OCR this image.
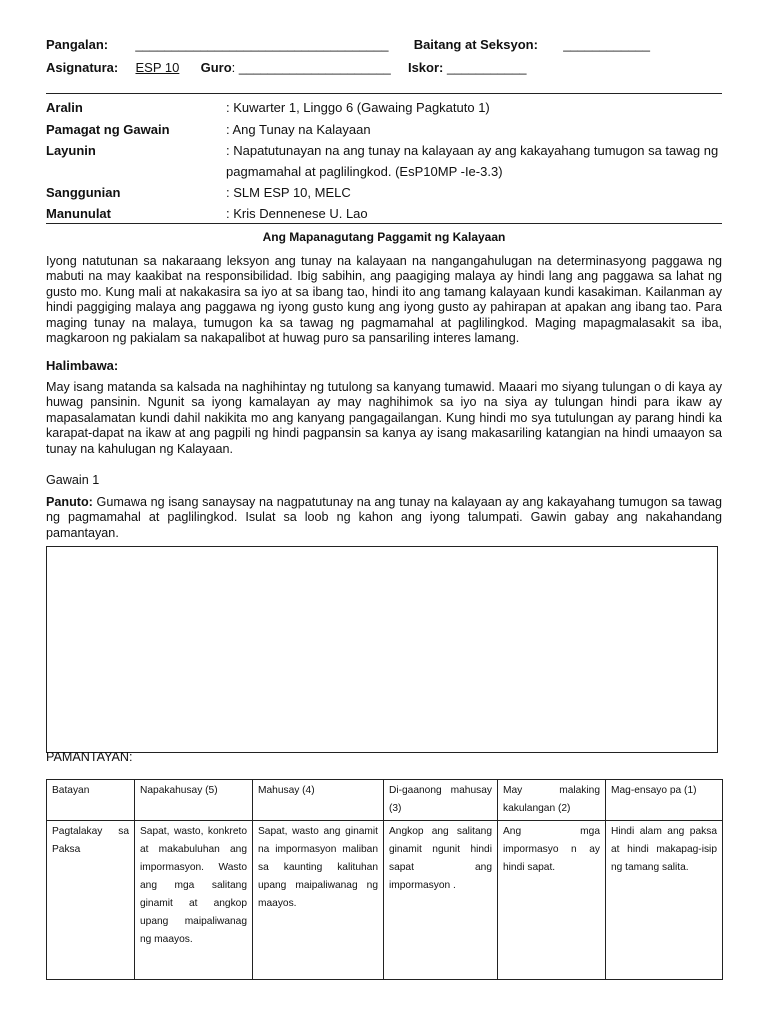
Pangalan: ___________________________________ Baitang at Seksyon: ____________
Asignatura: ESP 10 Guro: _____________________ Iskor: ___________
Aralin	: Kuwarter 1, Linggo 6 (Gawaing Pagkatuto 1)
Pamagat ng Gawain	: Ang Tunay na Kalayaan
Layunin	: Napatutunayan na ang tunay na kalayaan ay ang kakayahang tumugon sa tawag ng pagmamahal at paglilingkod. (EsP10MP -Ie-3.3)
Sanggunian	: SLM ESP 10, MELC
Manunulat	: Kris Dennenese U. Lao
Ang Mapanagutang Paggamit ng Kalayaan
Iyong natutunan sa nakaraang leksyon ang tunay na kalayaan na nangangahulugan na determinasyong paggawa ng mabuti na may kaakibat na responsibilidad. Ibig sabihin, ang paagiging malaya ay hindi lang ang paggawa sa lahat ng gusto mo. Kung mali at nakakasira sa iyo at sa ibang tao, hindi ito ang tamang kalayaan kundi kasakiman. Kailanman ay hindi paggiging malaya ang paggawa ng iyong gusto kung ang iyong gusto ay pahirapan at apakan ang ibang tao. Para maging tunay na malaya, tumugon ka sa tawag ng pagmamahal at paglilingkod. Maging mapagmalasakit sa iba, magkaroon ng pakialam sa nakapalibot at huwag puro sa pansariling interes lamang.
Halimbawa:
May isang matanda sa kalsada na naghihintay ng tutulong sa kanyang tumawid. Maaari mo siyang tulungan o di kaya ay huwag pansinin. Ngunit sa iyong kamalayan ay may naghihimok sa iyo na siya ay tulungan hindi para ikaw ay mapasalamatan kundi dahil nakikita mo ang kanyang pangagailangan. Kung hindi mo sya tutulungan ay parang hindi ka karapat-dapat na ikaw at ang pagpili ng hindi pagpansin sa kanya ay isang makasariling katangian na hindi umaayon sa tunay na kahulugan ng Kalayaan.
Gawain 1
Panuto: Gumawa ng isang sanaysay na nagpatutunay na ang tunay na kalayaan ay ang kakayahang tumugon sa tawag ng pagmamahal at paglilingkod. Isulat sa loob ng kahon ang iyong talumpati. Gawin gabay ang nakahandang pamantayan.
PAMANTAYAN:
Batayan	Napakahusay (5)	Mahusay (4)	Di-gaanong mahusay (3)	May malaking kakulangan (2)	Mag-ensayo pa (1)
Pagtalakay sa Paksa	Sapat, wasto, konkreto at makabuluhan ang impormasyon. Wasto ang mga salitang ginamit at angkop upang maipaliwanag ng maayos.	Sapat, wasto ang ginamit na impormasyon maliban sa kaunting kalituhan upang maipaliwanag ng maayos.	Angkop ang salitang ginamit ngunit hindi sapat ang impormasyon .	Ang mga impormasyo n ay hindi sapat.	Hindi alam ang paksa at hindi makapag-isip ng tamang salita.
